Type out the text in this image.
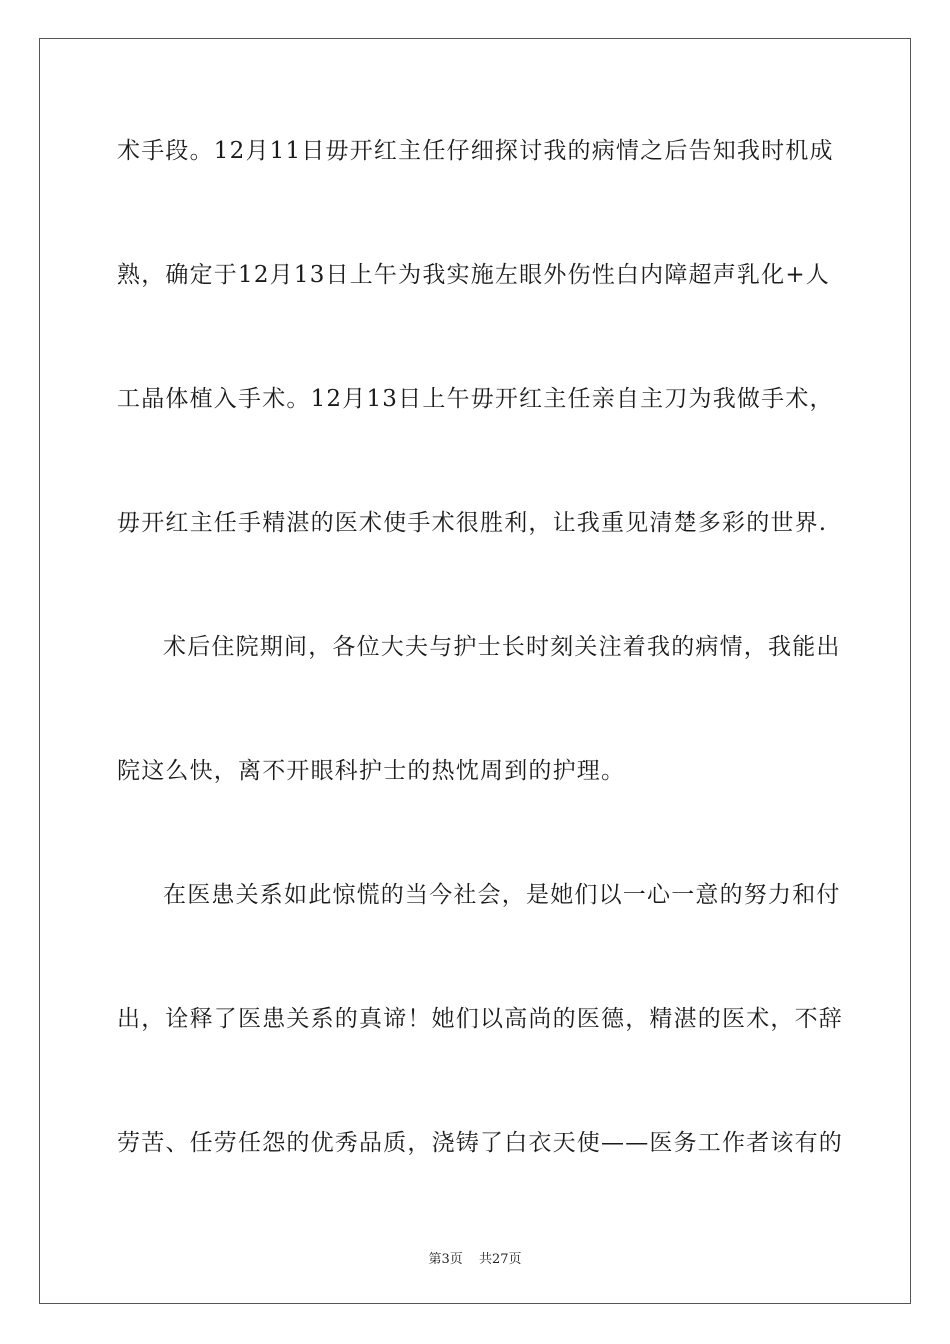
术手段。12月11日毋开红主任仔细探讨我的病情之后告知我时机成
熟，确定于12月13日上午为我实施左眼外伤性白内障超声乳化+人
工晶体植入手术。12月13日上午毋开红主任亲自主刀为我做手术，
毋开红主任手精湛的医术使手术很胜利，让我重见清楚多彩的世界.
术后住院期间，各位大夫与护士长时刻关注着我的病情，我能出
院这么快，离不开眼科护士的热忱周到的护理。
在医患关系如此惊慌的当今社会，是她们以一心一意的努力和付
出，诠释了医患关系的真谛！她们以高尚的医德，精湛的医术，不辞
劳苦、任劳任怨的优秀品质，浇铸了白衣天使——医务工作者该有的
第3页 共27页
